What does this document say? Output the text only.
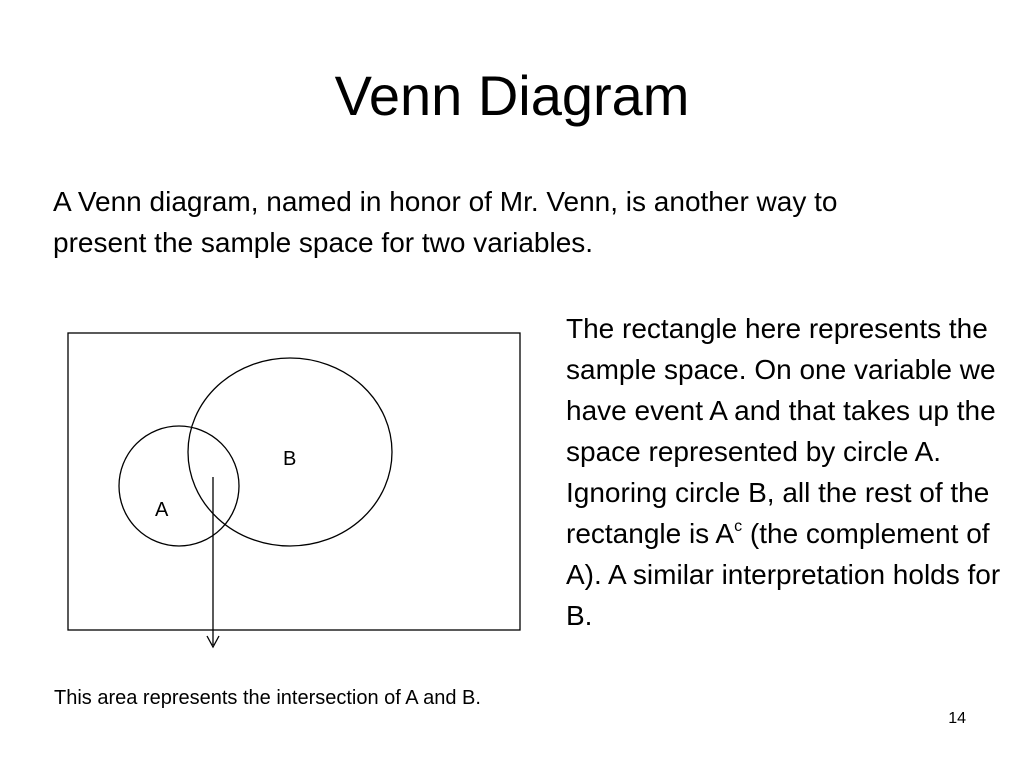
Venn Diagram
A Venn diagram, named in honor of Mr. Venn, is another way to present the sample space for two variables.
B
A
The rectangle here represents the sample space. On one variable we have event A and that takes up the space represented by circle A. Ignoring circle B, all the rest of the rectangle is $A^c$ (the complement of A). A similar interpretation holds for B.
This area represents the intersection of A and B.
14
